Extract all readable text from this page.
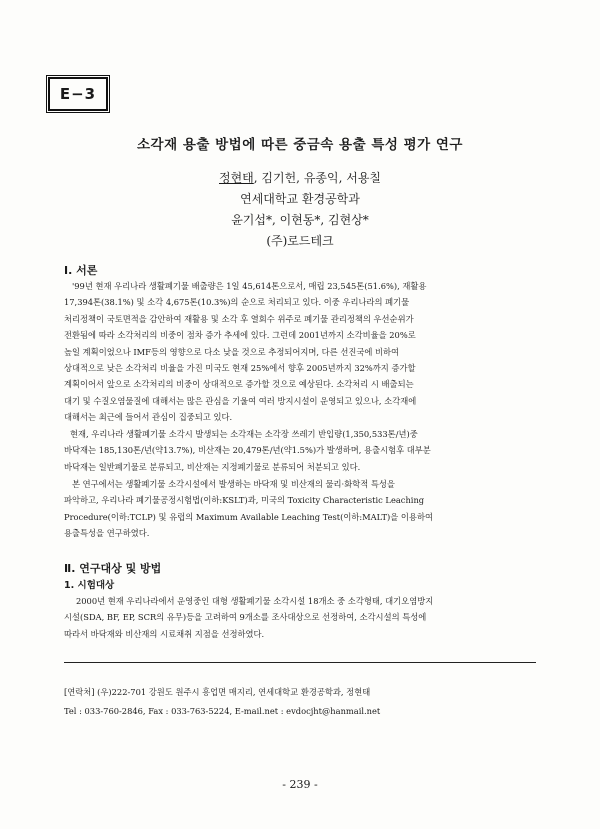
E−3
소각재 용출 방법에 따른 중금속 용출 특성 평가 연구
정현태, 김기헌, 유종익, 서용칠
연세대학교 환경공학과
윤기섭*, 이현동*, 김현상*
(주)로드테크
Ⅰ. 서론
'99년 현재 우리나라 생활폐기물 배출량은 1일 45,614톤으로서, 매립 23,545톤(51.6%), 재활용
17,394톤(38.1%) 및 소각 4,675톤(10.3%)의 순으로 처리되고 있다. 이중 우리나라의 폐기물
처리정책이 국토면적을 감안하여 재활용 및 소각 후 열회수 위주로 폐기물 관리정책의 우선순위가
전환됨에 따라 소각처리의 비중이 점차 증가 추세에 있다. 그런데 2001년까지 소각비율을 20%로
높일 계획이었으나 IMF등의 영향으로 다소 낮을 것으로 추정되어지며, 다른 선진국에 비하여
상대적으로 낮은 소각처리 비율을 가진 미국도 현재 25%에서 향후 2005년까지 32%까지 증가할
계획이어서 앞으로 소각처리의 비중이 상대적으로 증가할 것으로 예상된다. 소각처리 시 배출되는
대기 및 수질오염물질에 대해서는 많은 관심을 기울여 여러 방지시설이 운영되고 있으나, 소각재에
대해서는 최근에 들어서 관심이 집중되고 있다.
현재, 우리나라 생활폐기물 소각시 발생되는 소각재는 소각장 쓰레기 반입량(1,350,533톤/년)중
바닥재는 185,130톤/년(약13.7%), 비산재는 20,479톤/년(약1.5%)가 발생하며, 용출시험후 대부분
바닥재는 일반폐기물로 분류되고, 비산재는 지정폐기물로 분류되어 처분되고 있다.
본 연구에서는 생활폐기물 소각시설에서 발생하는 바닥재 및 비산재의 물리·화학적 특성을
파악하고, 우리나라 폐기물공정시험법(이하:KSLT)과, 미국의 Toxicity Characteristic Leaching
Procedure(이하:TCLP) 및 유럽의 Maximum Available Leaching Test(이하:MALT)을 이용하여
용출특성을 연구하였다.
Ⅱ. 연구대상 및 방법
1. 시험대상
2000년 현재 우리나라에서 운영중인 대형 생활폐기물 소각시설 18개소 중 소각형태, 대기오염방지
시설(SDA, BF, EP, SCR의 유무)등을 고려하여 9개소를 조사대상으로 선정하여, 소각시설의 특성에
따라서 바닥재와 비산재의 시료채취 지점을 선정하였다.
[연락처] (우)222-701 강원도 원주시 흥업면 매지리, 연세대학교 환경공학과, 정현태
Tel : 033-760-2846, Fax : 033-763-5224, E-mail.net : evdocjht@hanmail.net
- 239 -
